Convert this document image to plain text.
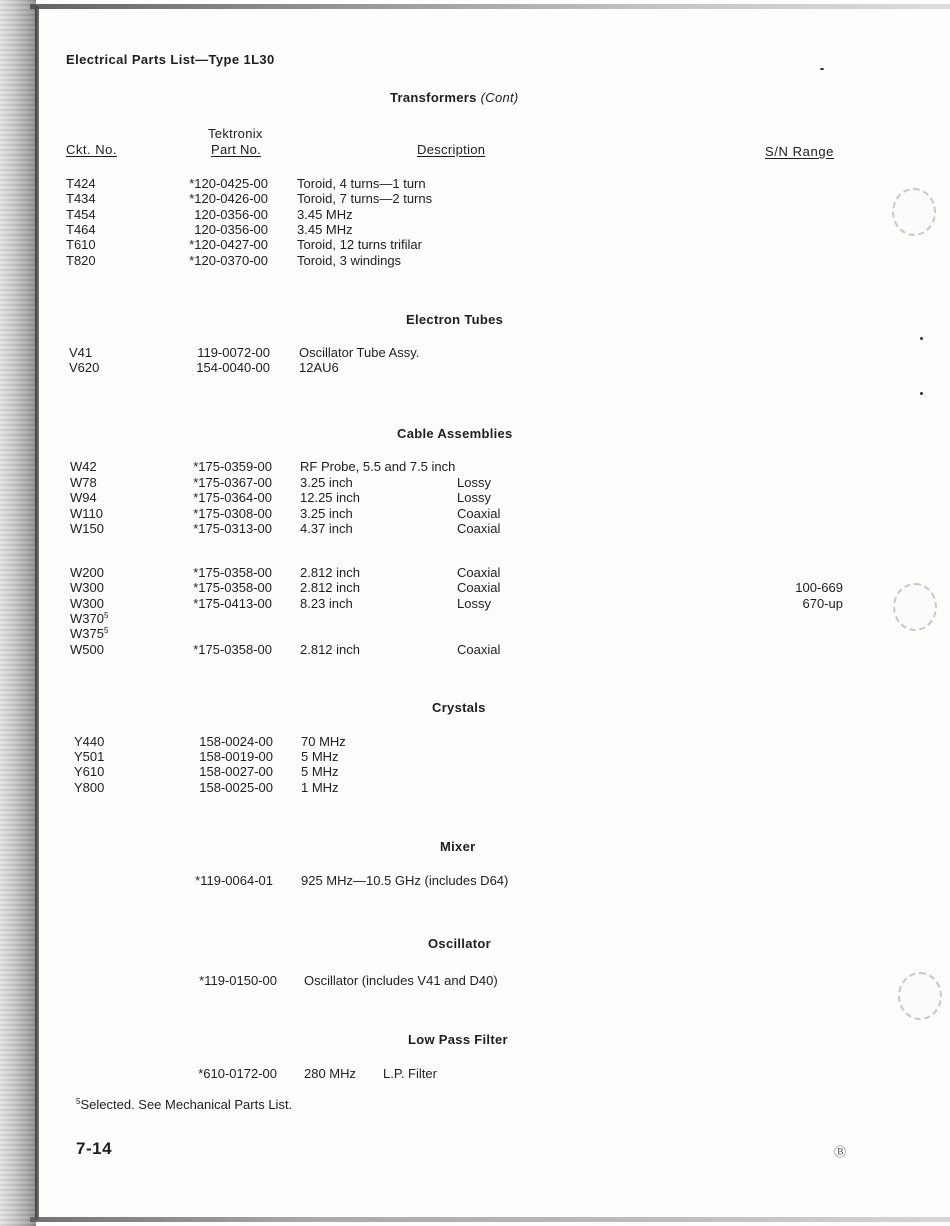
Electrical Parts List—Type 1L30
Transformers (Cont)
Tektronix
Ckt. No.	Part No.	Description	S/N Range
T424	*120-0425-00 Toroid, 4 turns—1 turn
T434	*120-0426-00 Toroid, 7 turns—2 turns
T454	120-0356-00 3.45 MHz
T464	120-0356-00 3.45 MHz
T610	*120-0427-00 Toroid, 12 turns trifilar
T820	*120-0370-00 Toroid, 3 windings
Electron Tubes
V41	119-0072-00 Oscillator Tube Assy.
V620	154-0040-00 12AU6
Cable Assemblies
W42	*175-0359-00 RF Probe, 5.5 and 7.5 inch
W78	*175-0367-00 3.25 inch	Lossy
W94	*175-0364-00 12.25 inch	Lossy
W110	*175-0308-00 3.25 inch	Coaxial
W150	*175-0313-00 4.37 inch	Coaxial
W200	*175-0358-00 2.812 inch	Coaxial
W300	*175-0358-00 2.812 inch	Coaxial	100-669
W300	*175-0413-00 8.23 inch	Lossy	670-up
$W370^5$
$W375^5$
W500	*175-0358-00 2.812 inch	Coaxial
Crystals
Y440	158-0024-00 70 MHz
Y501	158-0019-00 5 MHz
Y610	158-0027-00 5 MHz
Y800	158-0025-00 1 MHz
Mixer
*119-0064-01 925 MHz—10.5 GHz (includes D64)
Oscillator
*119-0150-00 Oscillator (includes V41 and D40)
Low Pass Filter
*610-0172-00 280 MHz L.P. Filter
$^5$Selected. See Mechanical Parts List.
7-14	Ⓑ
